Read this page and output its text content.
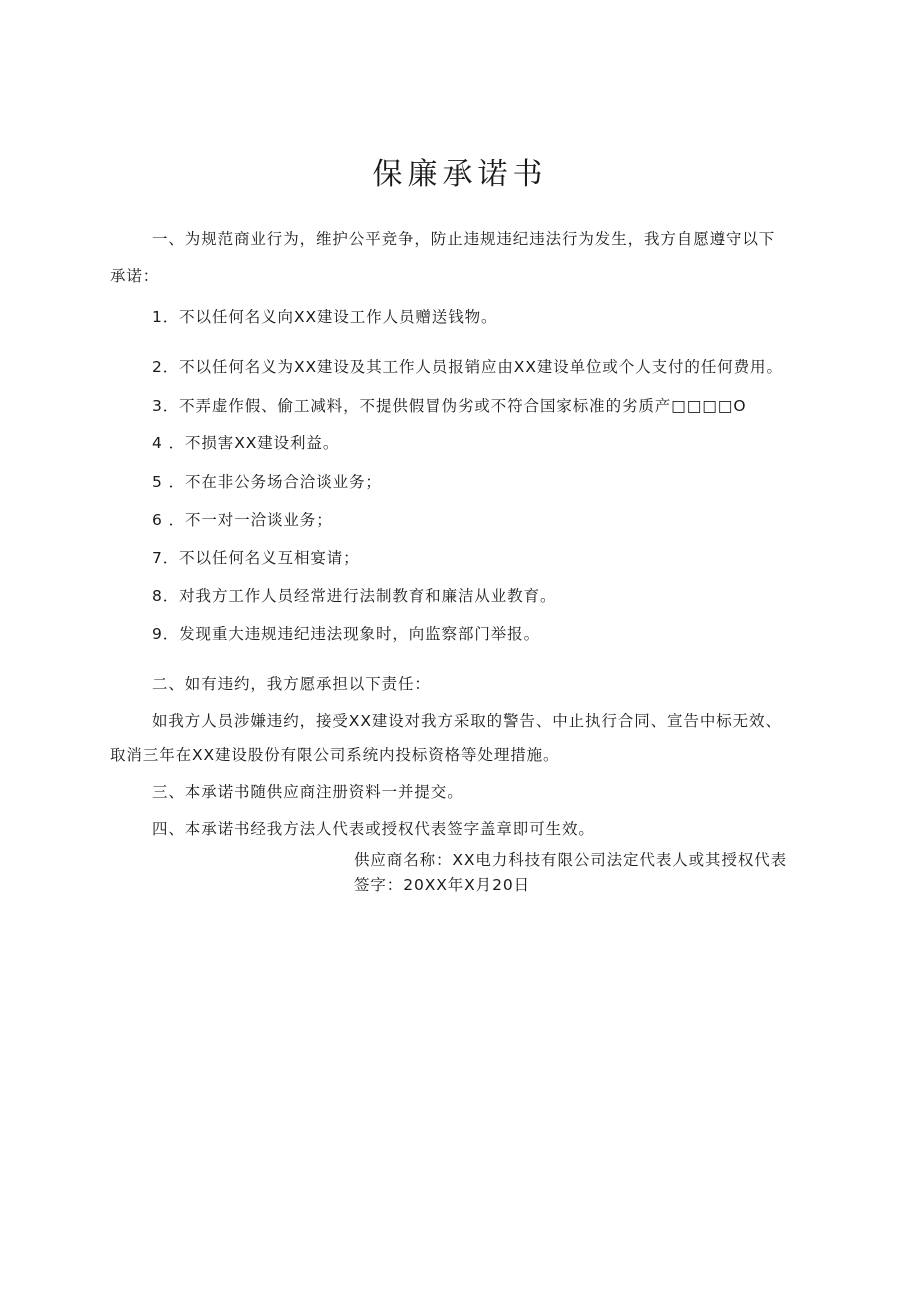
保廉承诺书
一、为规范商业行为，维护公平竞争，防止违规违纪违法行为发生，我方自愿遵守以下
承诺：
1．不以任何名义向XX建设工作人员赠送钱物。
2．不以任何名义为XX建设及其工作人员报销应由XX建设单位或个人支付的任何费用。
3．不弄虚作假、偷工减料，不提供假冒伪劣或不符合国家标准的劣质产□□□□O
4 ．不损害XX建设利益。
5 ．不在非公务场合洽谈业务；
6 ．不一对一洽谈业务；
7．不以任何名义互相宴请；
8．对我方工作人员经常进行法制教育和廉洁从业教育。
9．发现重大违规违纪违法现象时，向监察部门举报。
二、如有违约，我方愿承担以下责任：
如我方人员涉嫌违约，接受XX建设对我方采取的警告、中止执行合同、宣告中标无效、
取消三年在XX建设股份有限公司系统内投标资格等处理措施。
三、本承诺书随供应商注册资料一并提交。
四、本承诺书经我方法人代表或授权代表签字盖章即可生效。
供应商名称：XX电力科技有限公司法定代表人或其授权代表
签字：20XX年X月20日
